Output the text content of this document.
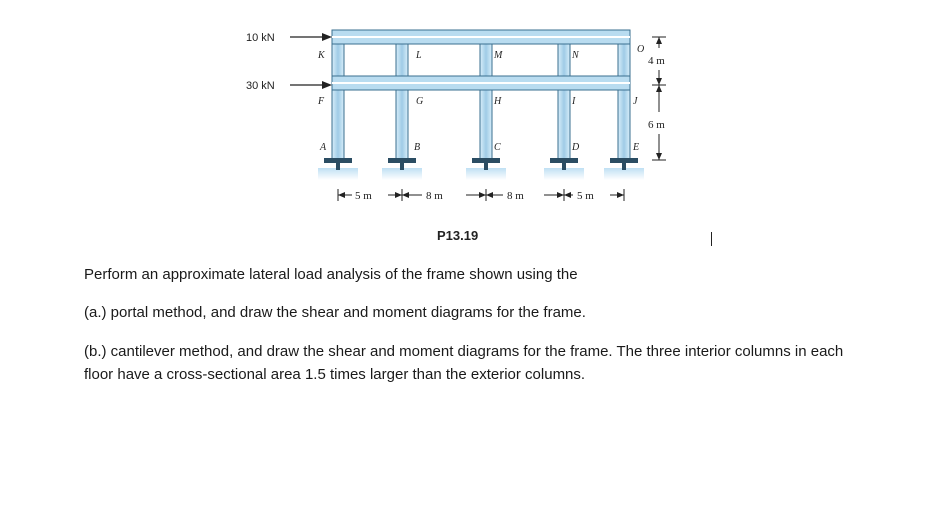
10 kN
30 kN
K	L	M	N
O
F	G	H	I	J
A	B	C	D	E
4 m
6 m
5 m	8 m	8 m	5 m
P13.19

Perform an approximate lateral load analysis of the frame shown using the

(a.) portal method, and draw the shear and moment diagrams for the frame.

(b.) cantilever method, and draw the shear and moment diagrams for the frame. The three interior columns in each floor have a cross-sectional area 1.5 times larger than the exterior columns.
